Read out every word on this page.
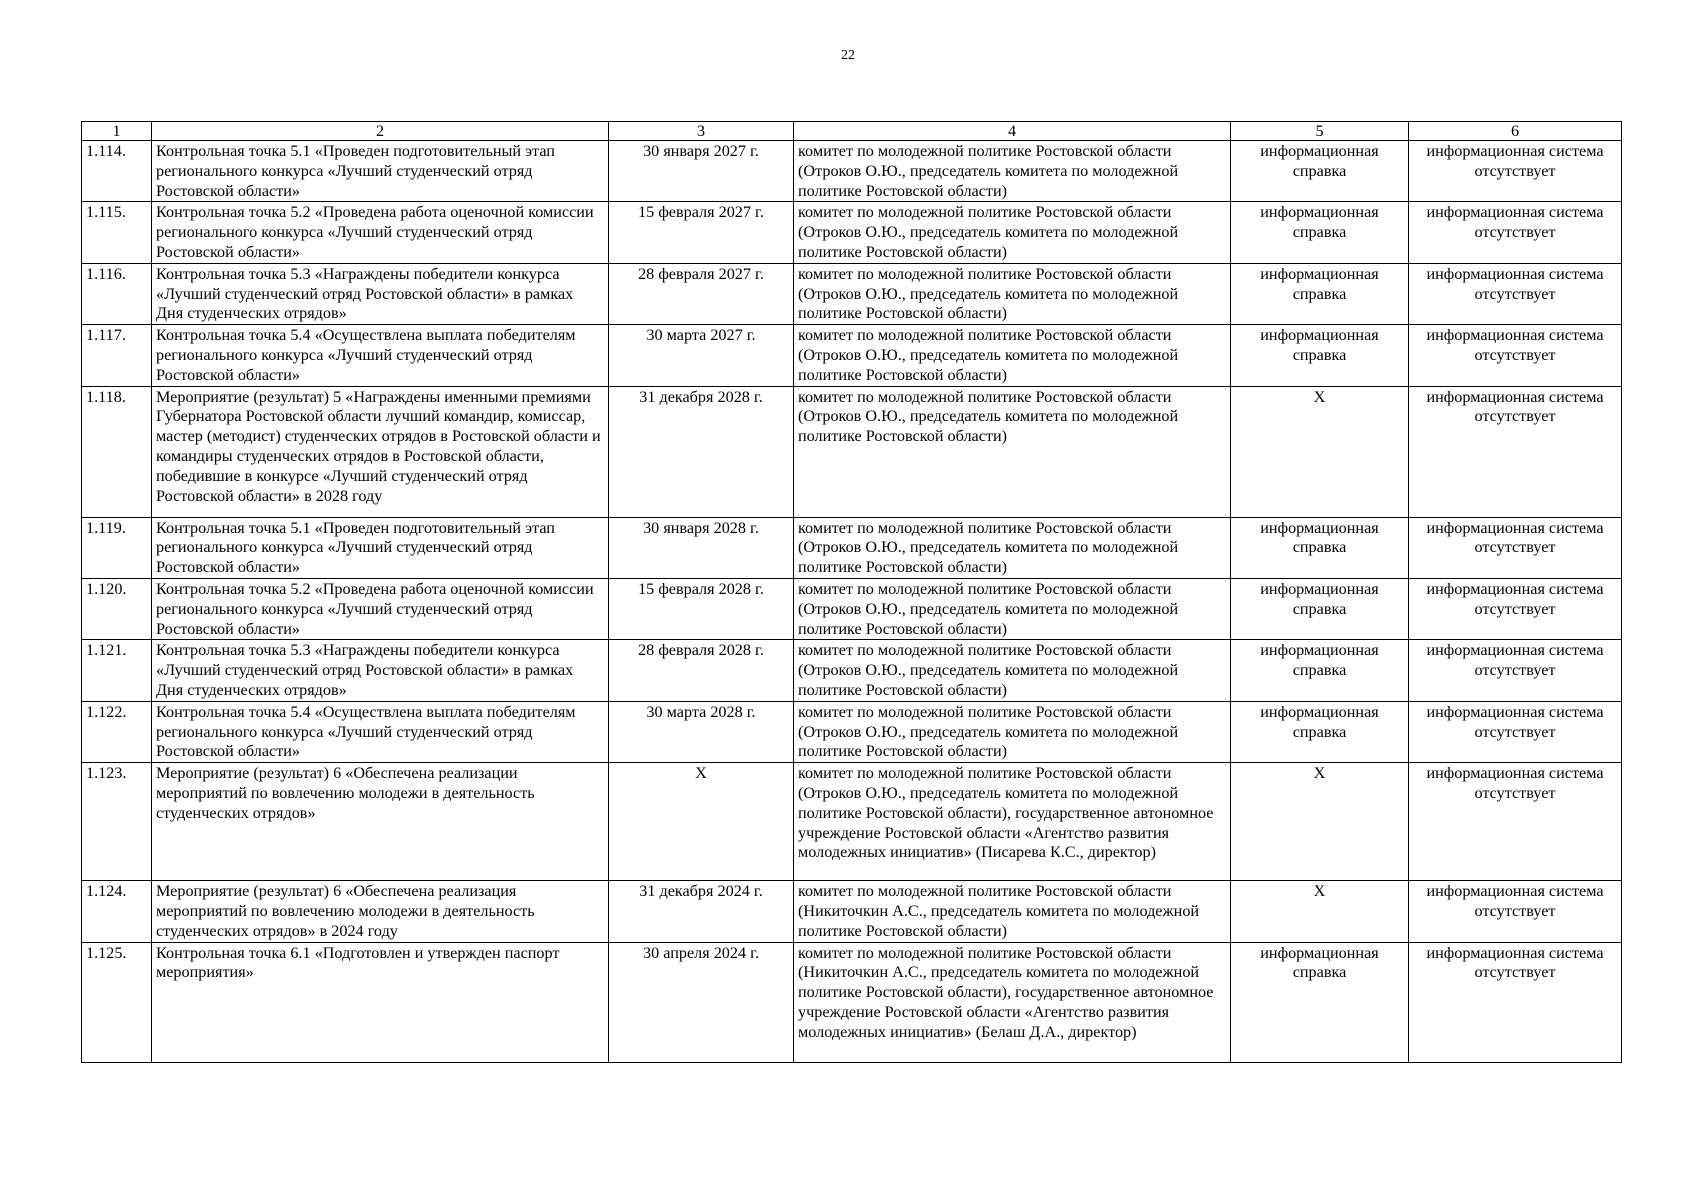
22
1	2	3	4	5	6
1.114.	Контрольная точка 5.1 «Проведен подготовительный этап регионального конкурса «Лучший студенческий отряд Ростовской области»	30 января 2027 г.	комитет по молодежной политике Ростовской области (Отроков О.Ю., председатель комитета по молодежной политике Ростовской области)	информационная справка	информационная система отсутствует
1.115.	Контрольная точка 5.2 «Проведена работа оценочной комиссии регионального конкурса «Лучший студенческий отряд Ростовской области»	15 февраля 2027 г.	комитет по молодежной политике Ростовской области (Отроков О.Ю., председатель комитета по молодежной политике Ростовской области)	информационная справка	информационная система отсутствует
1.116.	Контрольная точка 5.3 «Награждены победители конкурса «Лучший студенческий отряд Ростовской области» в рамках Дня студенческих отрядов»	28 февраля 2027 г.	комитет по молодежной политике Ростовской области (Отроков О.Ю., председатель комитета по молодежной политике Ростовской области)	информационная справка	информационная система отсутствует
1.117.	Контрольная точка 5.4 «Осуществлена выплата победителям регионального конкурса «Лучший студенческий отряд Ростовской области»	30 марта 2027 г.	комитет по молодежной политике Ростовской области (Отроков О.Ю., председатель комитета по молодежной политике Ростовской области)	информационная справка	информационная система отсутствует
1.118.	Мероприятие (результат) 5 «Награждены именными премиями Губернатора Ростовской области лучший командир, комиссар, мастер (методист) студенческих отрядов в Ростовской области и командиры студенческих отрядов в Ростовской области, победившие в конкурсе «Лучший студенческий отряд Ростовской области» в 2028 году	31 декабря 2028 г.	комитет по молодежной политике Ростовской области (Отроков О.Ю., председатель комитета по молодежной политике Ростовской области)	Х	информационная система отсутствует
1.119.	Контрольная точка 5.1 «Проведен подготовительный этап регионального конкурса «Лучший студенческий отряд Ростовской области»	30 января 2028 г.	комитет по молодежной политике Ростовской области (Отроков О.Ю., председатель комитета по молодежной политике Ростовской области)	информационная справка	информационная система отсутствует
1.120.	Контрольная точка 5.2 «Проведена работа оценочной комиссии регионального конкурса «Лучший студенческий отряд Ростовской области»	15 февраля 2028 г.	комитет по молодежной политике Ростовской области (Отроков О.Ю., председатель комитета по молодежной политике Ростовской области)	информационная справка	информационная система отсутствует
1.121.	Контрольная точка 5.3 «Награждены победители конкурса «Лучший студенческий отряд Ростовской области» в рамках Дня студенческих отрядов»	28 февраля 2028 г.	комитет по молодежной политике Ростовской области (Отроков О.Ю., председатель комитета по молодежной политике Ростовской области)	информационная справка	информационная система отсутствует
1.122.	Контрольная точка 5.4 «Осуществлена выплата победителям регионального конкурса «Лучший студенческий отряд Ростовской области»	30 марта 2028 г.	комитет по молодежной политике Ростовской области (Отроков О.Ю., председатель комитета по молодежной политике Ростовской области)	информационная справка	информационная система отсутствует
1.123.	Мероприятие (результат) 6 «Обеспечена реализации мероприятий по вовлечению молодежи в деятельность студенческих отрядов»	Х	комитет по молодежной политике Ростовской области (Отроков О.Ю., председатель комитета по молодежной политике Ростовской области), государственное автономное учреждение Ростовской области «Агентство развития молодежных инициатив» (Писарева К.С., директор)	Х	информационная система отсутствует
1.124.	Мероприятие (результат) 6 «Обеспечена реализация мероприятий по вовлечению молодежи в деятельность студенческих отрядов» в 2024 году	31 декабря 2024 г.	комитет по молодежной политике Ростовской области (Никиточкин А.С., председатель комитета по молодежной политике Ростовской области)	Х	информационная система отсутствует
1.125.	Контрольная точка 6.1 «Подготовлен и утвержден паспорт мероприятия»	30 апреля 2024 г.	комитет по молодежной политике Ростовской области (Никиточкин А.С., председатель комитета по молодежной политике Ростовской области), государственное автономное учреждение Ростовской области «Агентство развития молодежных инициатив» (Белаш Д.А., директор)	информационная справка	информационная система отсутствует
